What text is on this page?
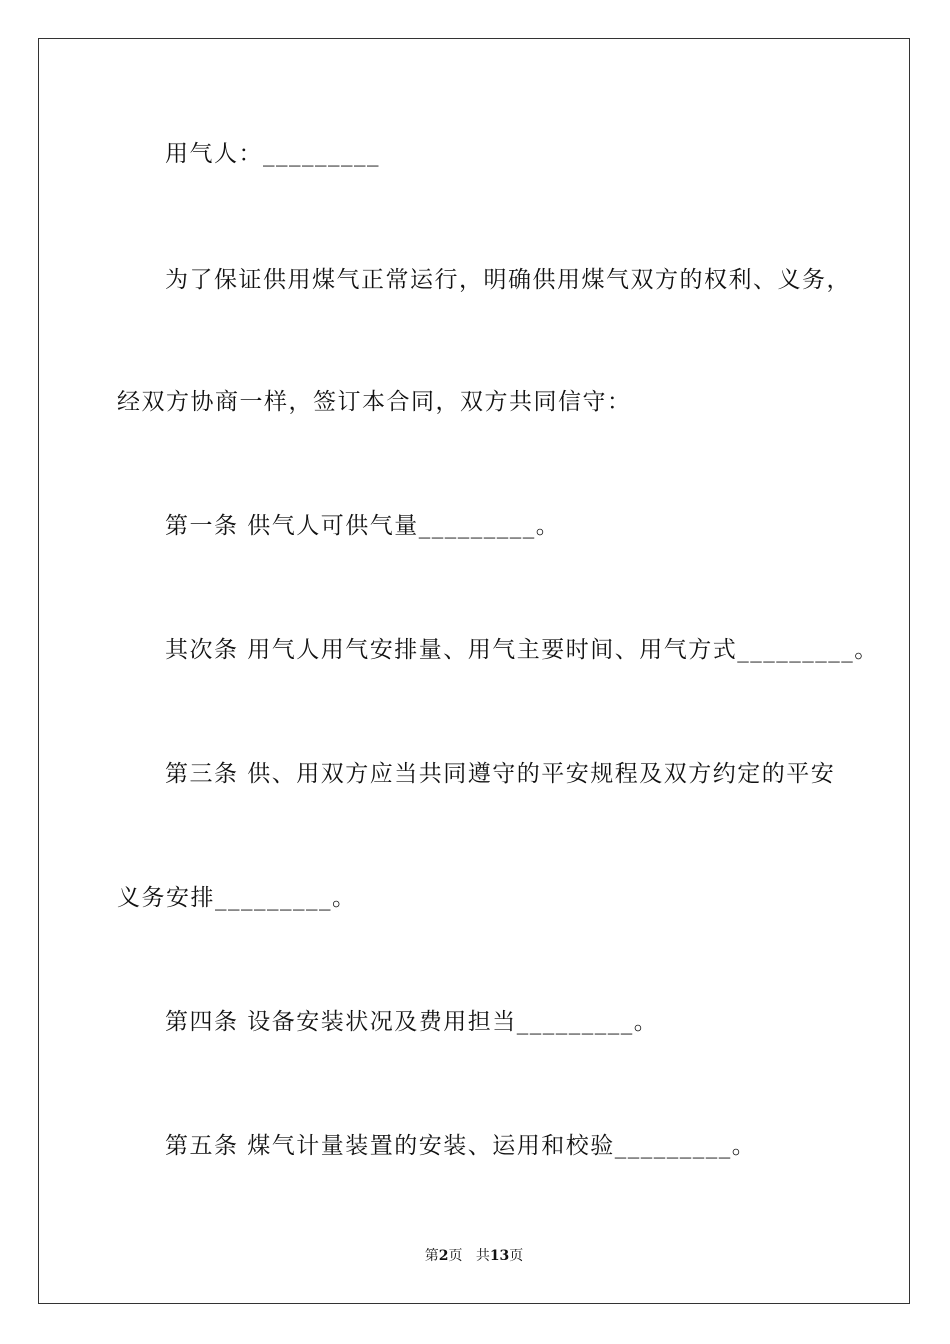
用气人：_________
为了保证供用煤气正常运行，明确供用煤气双方的权利、义务，
经双方协商一样，签订本合同，双方共同信守：
第一条 供气人可供气量_________。
其次条 用气人用气安排量、用气主要时间、用气方式_________。
第三条 供、用双方应当共同遵守的平安规程及双方约定的平安
义务安排_________。
第四条 设备安装状况及费用担当_________。
第五条 煤气计量装置的安装、运用和校验_________。
第2页 共13页
